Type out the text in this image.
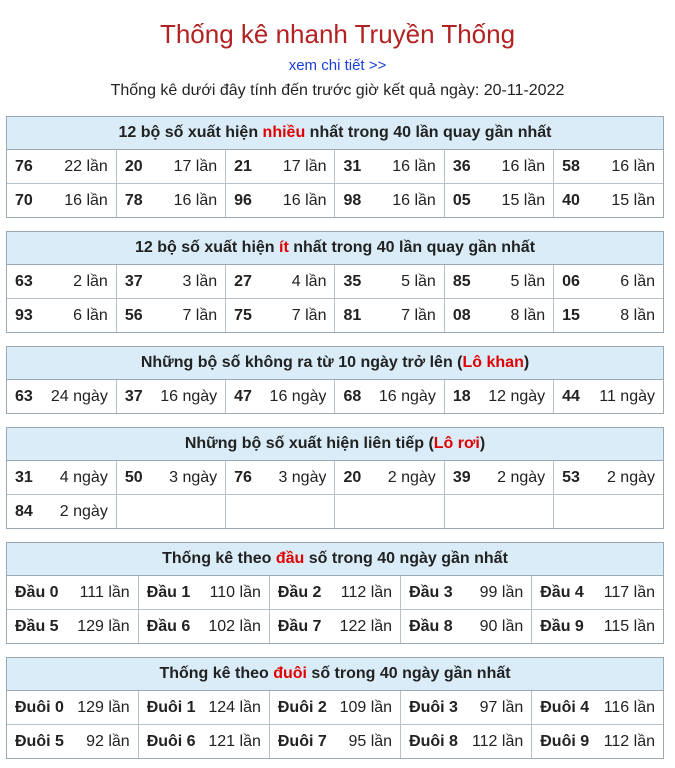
Thống kê nhanh Truyền Thống
xem chi tiết >>
Thống kê dưới đây tính đến trước giờ kết quả ngày: 20-11-2022
12 bộ số xuất hiện nhiều nhất trong 40 lần quay gần nhất
76 22 lần	20 17 lần	21 17 lần	31 16 lần	36 16 lần	58 16 lần

70 16 lần	78 16 lần	96 16 lần	98 16 lần	05 15 lần	40 15 lần
12 bộ số xuất hiện ít nhất trong 40 lần quay gần nhất
63 2 lần	37 3 lần	27 4 lần	35 5 lần	85 5 lần	06 6 lần

93 6 lần	56 7 lần	75 7 lần	81 7 lần	08 8 lần	15 8 lần
Những bộ số không ra từ 10 ngày trở lên (Lô khan)
63 24 ngày	37 16 ngày	47 16 ngày	68 16 ngày	18 12 ngày	44 11 ngày
Những bộ số xuất hiện liên tiếp (Lô rơi)
31 4 ngày	50 3 ngày	76 3 ngày	20 2 ngày	39 2 ngày	53 2 ngày

84 2 ngày					

Thống kê theo đầu số trong 40 ngày gần nhất
Đầu 0 111 lần	Đầu 1 110 lần	Đầu 2 112 lần	Đầu 3 99 lần	Đầu 4 117 lần

Đầu 5 129 lần	Đầu 6 102 lần	Đầu 7 122 lần	Đầu 8 90 lần	Đầu 9 115 lần
Thống kê theo đuôi số trong 40 ngày gần nhất
Đuôi 0 129 lần	Đuôi 1 124 lần	Đuôi 2 109 lần	Đuôi 3 97 lần	Đuôi 4 116 lần

Đuôi 5 92 lần	Đuôi 6 121 lần	Đuôi 7 95 lần	Đuôi 8 112 lần	Đuôi 9 112 lần
